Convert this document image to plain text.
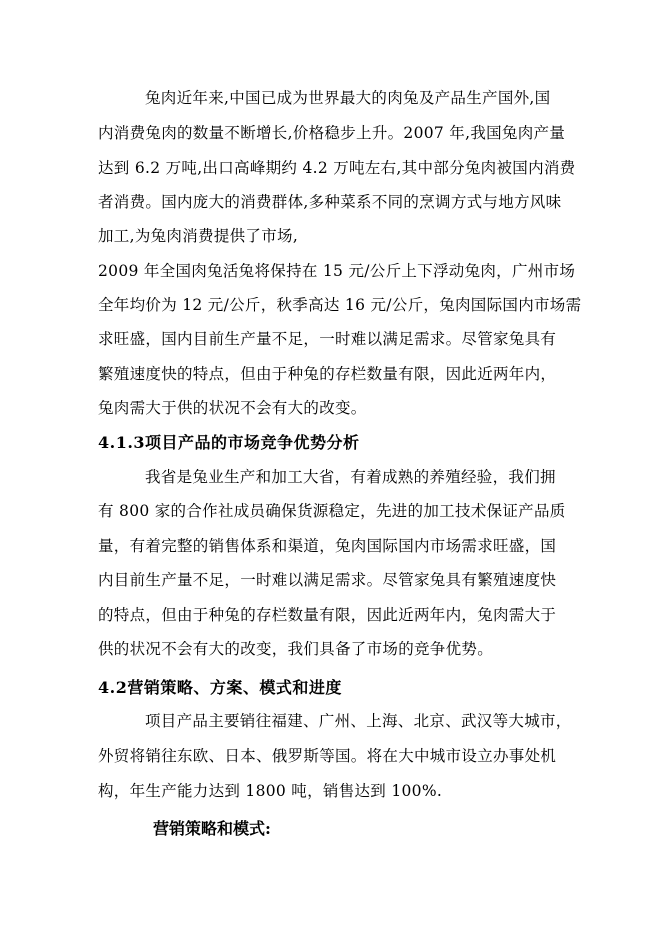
兔肉近年来,中国已成为世界最大的肉兔及产品生产国外,国
内消费兔肉的数量不断增长,价格稳步上升。2007 年,我国兔肉产量
达到 6.2 万吨,出口高峰期约 4.2 万吨左右,其中部分兔肉被国内消费
者消费。国内庞大的消费群体,多种菜系不同的烹调方式与地方风味
加工,为兔肉消费提供了市场,
2009 年全国肉兔活兔将保持在 15 元/公斤上下浮动兔肉，广州市场
全年均价为 12 元/公斤，秋季高达 16 元/公斤，兔肉国际国内市场需
求旺盛，国内目前生产量不足，一时难以满足需求。尽管家兔具有
繁殖速度快的特点，但由于种兔的存栏数量有限，因此近两年内，
兔肉需大于供的状况不会有大的改变。
4.1.3项目产品的市场竞争优势分析
我省是兔业生产和加工大省，有着成熟的养殖经验，我们拥
有 800 家的合作社成员确保货源稳定，先进的加工技术保证产品质
量，有着完整的销售体系和渠道，兔肉国际国内市场需求旺盛，国
内目前生产量不足，一时难以满足需求。尽管家兔具有繁殖速度快
的特点，但由于种兔的存栏数量有限，因此近两年内，兔肉需大于
供的状况不会有大的改变，我们具备了市场的竞争优势。
4.2营销策略、方案、模式和进度
项目产品主要销往福建、广州、上海、北京、武汉等大城市，
外贸将销往东欧、日本、俄罗斯等国。将在大中城市设立办事处机
构，年生产能力达到 1800 吨，销售达到 100%.
营销策略和模式:
